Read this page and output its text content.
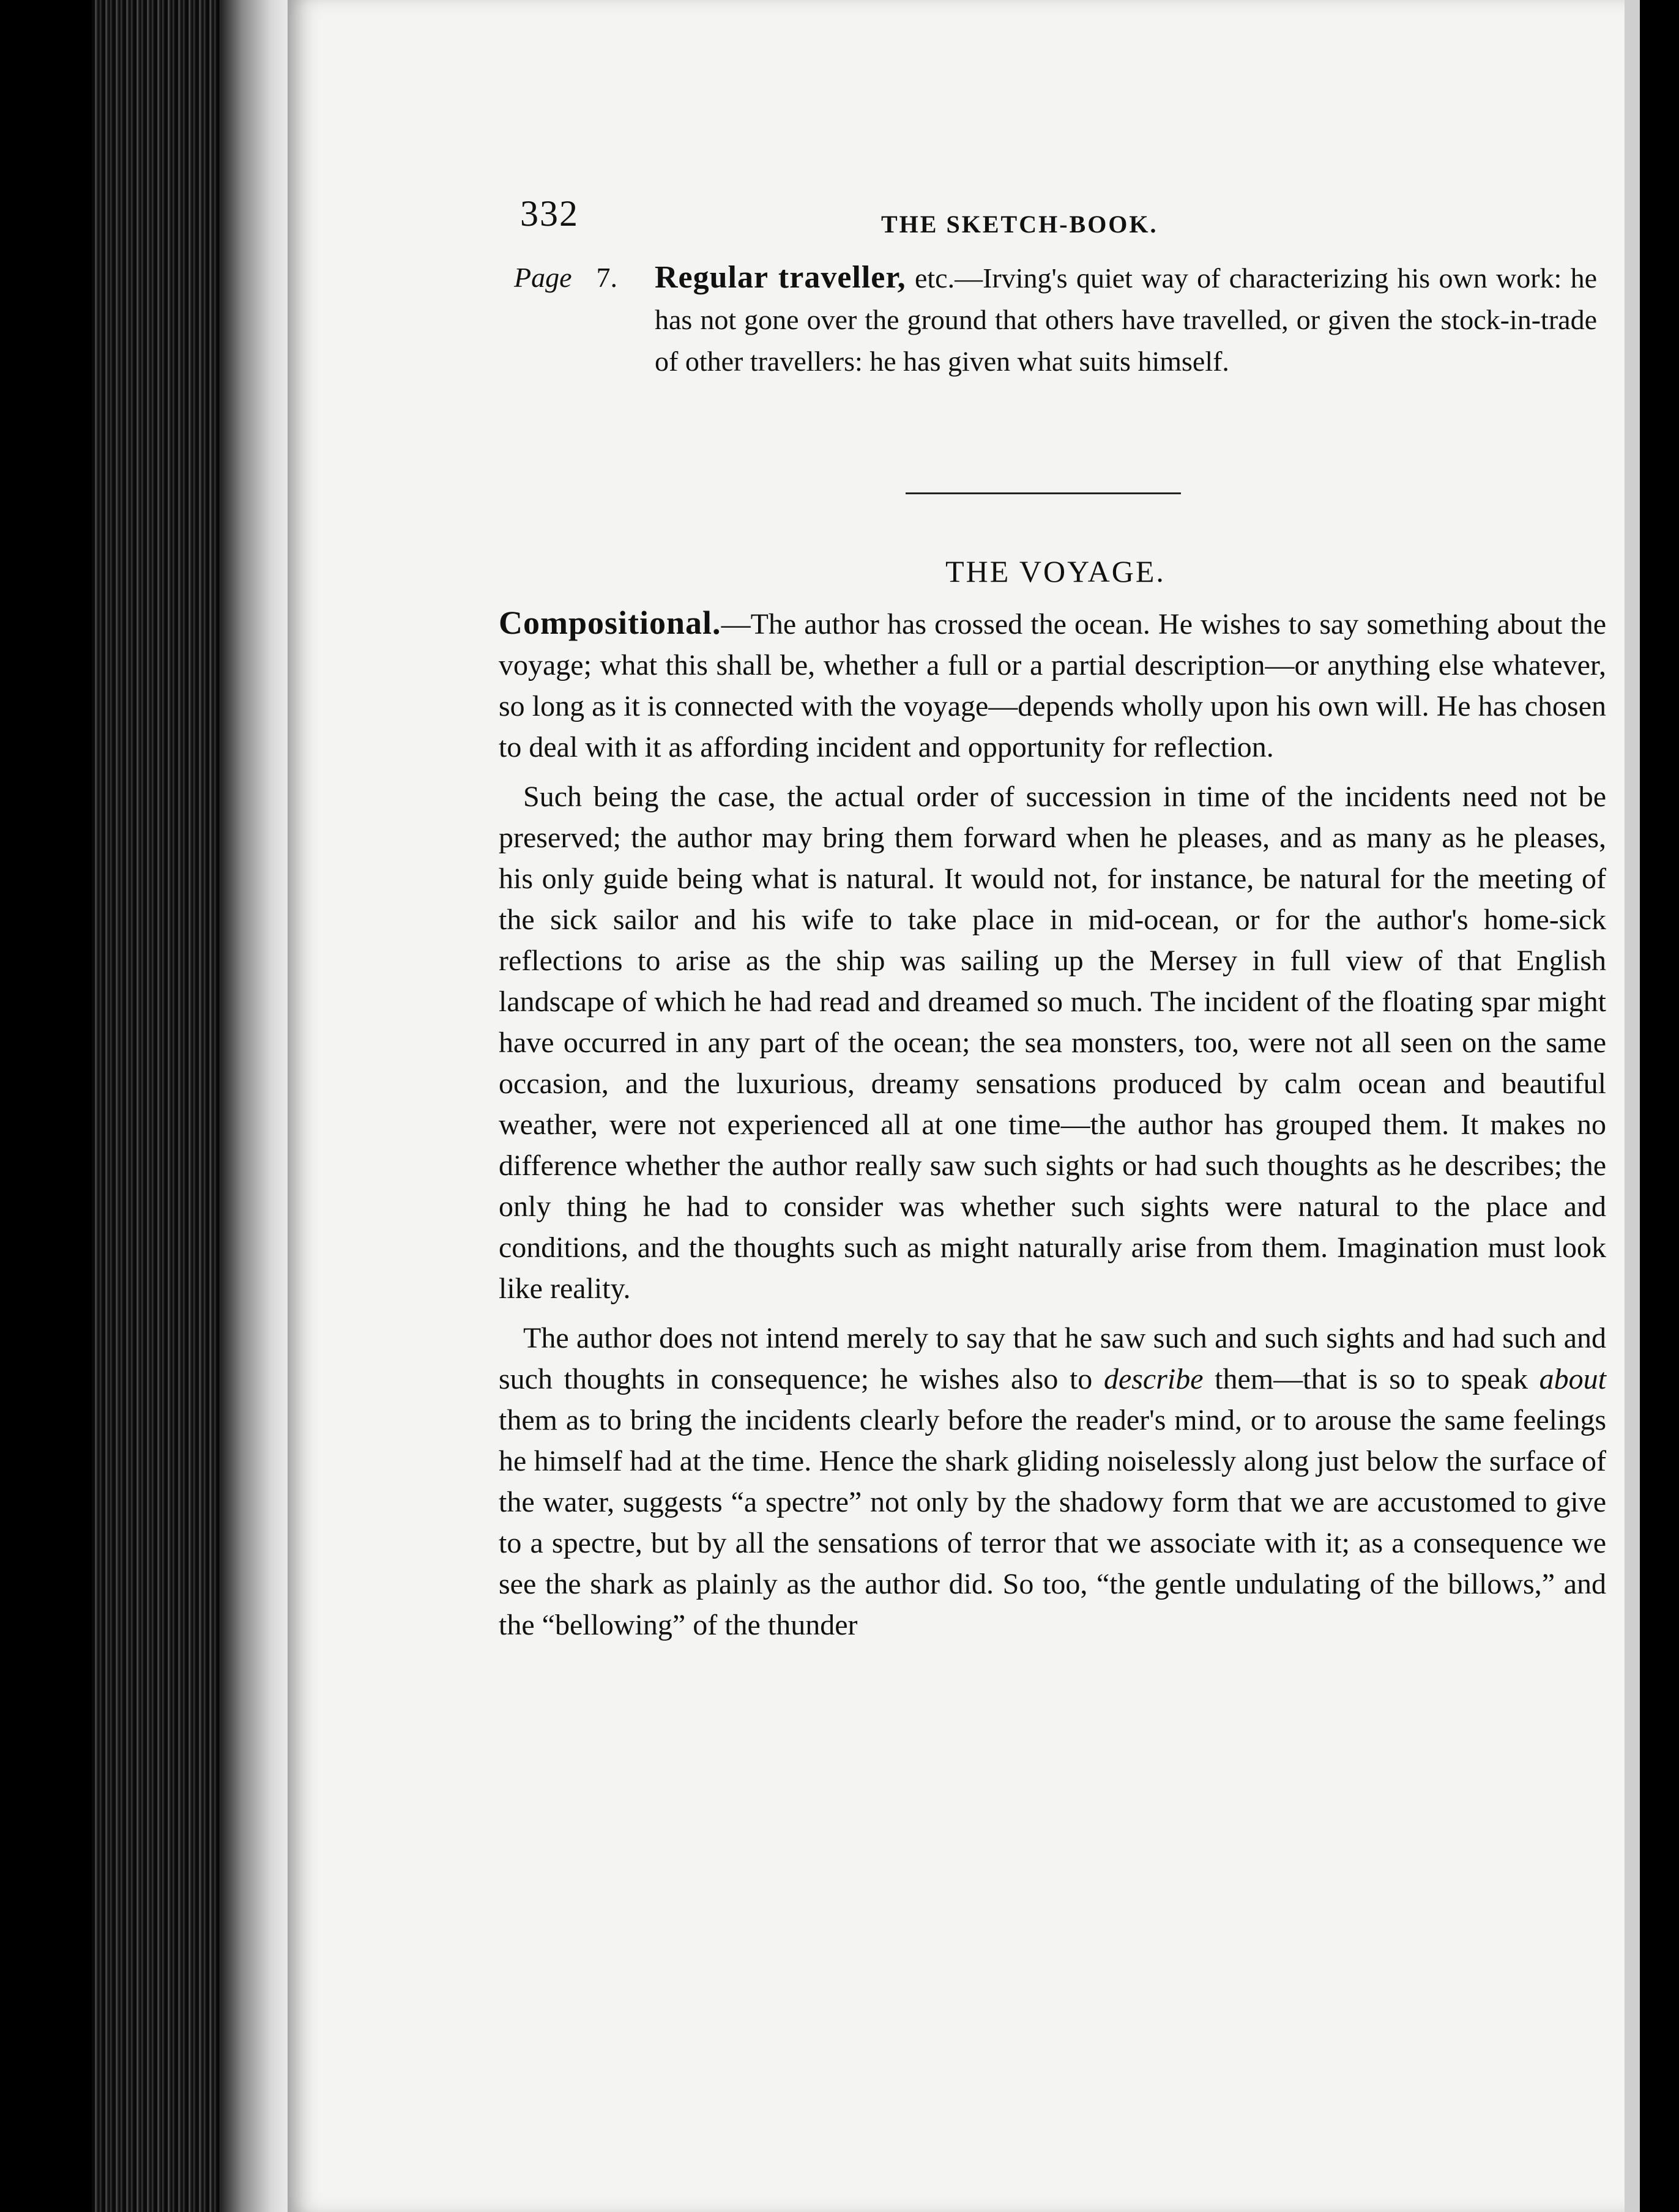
332	THE SKETCH-BOOK.
Page 7. Regular traveller, etc.—Irving's quiet way of characterizing his own work: he has not gone over the ground that others have travelled, or given the stock-in-trade of other travellers: he has given what suits himself.
THE VOYAGE.

Compositional.—The author has crossed the ocean. He wishes to say something about the voyage; what this shall be, whether a full or a partial description—or anything else whatever, so long as it is connected with the voyage—depends wholly upon his own will. He has chosen to deal with it as affording incident and opportunity for reflection.

Such being the case, the actual order of succession in time of the incidents need not be preserved; the author may bring them forward when he pleases, and as many as he pleases, his only guide being what is natural. It would not, for instance, be natural for the meeting of the sick sailor and his wife to take place in mid-ocean, or for the author's home-sick reflections to arise as the ship was sailing up the Mersey in full view of that English landscape of which he had read and dreamed so much. The incident of the floating spar might have occurred in any part of the ocean; the sea monsters, too, were not all seen on the same occasion, and the luxurious, dreamy sensations produced by calm ocean and beautiful weather, were not experienced all at one time—the author has grouped them. It makes no difference whether the author really saw such sights or had such thoughts as he describes; the only thing he had to consider was whether such sights were natural to the place and conditions, and the thoughts such as might naturally arise from them. Imagination must look like reality.

The author does not intend merely to say that he saw such and such sights and had such and such thoughts in consequence; he wishes also to describe them—that is so to speak about them as to bring the incidents clearly before the reader's mind, or to arouse the same feelings he himself had at the time. Hence the shark gliding noiselessly along just below the surface of the water, suggests “a spectre” not only by the shadowy form that we are accustomed to give to a spectre, but by all the sensations of terror that we associate with it; as a consequence we see the shark as plainly as the author did. So too, “the gentle undulating of the billows,” and the “bellowing” of the thunder
